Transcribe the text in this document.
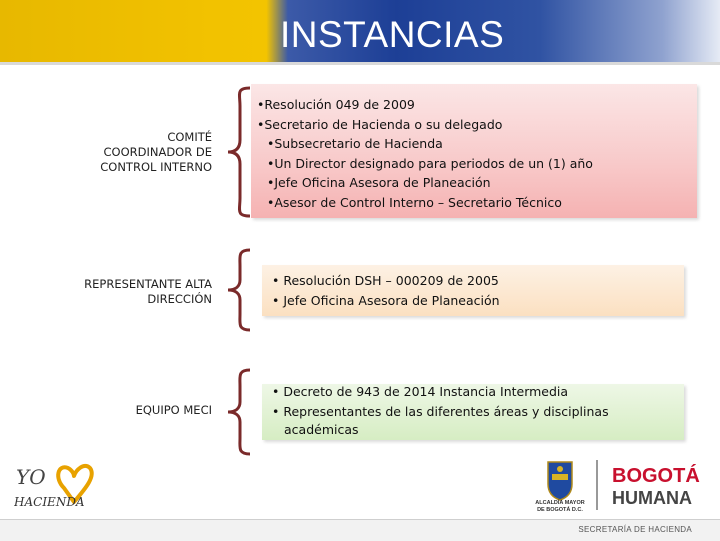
INSTANCIAS
COMITÉ
COORDINADOR DE
CONTROL INTERNO
•Resolución 049 de 2009
•Secretario de Hacienda o su delegado
•Subsecretario de Hacienda
•Un Director designado para periodos de un (1) año
•Jefe Oficina Asesora de Planeación
•Asesor de Control Interno – Secretario Técnico
REPRESENTANTE ALTA
DIRECCIÓN
• Resolución DSH – 000209 de 2005
• Jefe Oficina Asesora de Planeación
EQUIPO MECI
• Decreto de 943 de 2014 Instancia Intermedia
• Representantes de las diferentes áreas y disciplinas
académicas
YO
HACIENDA	ALCALDÍA MAYOR
DE BOGOTÁ D.C.
BOGOTÁ
HUMANA
SECRETARÍA DE HACIENDA
